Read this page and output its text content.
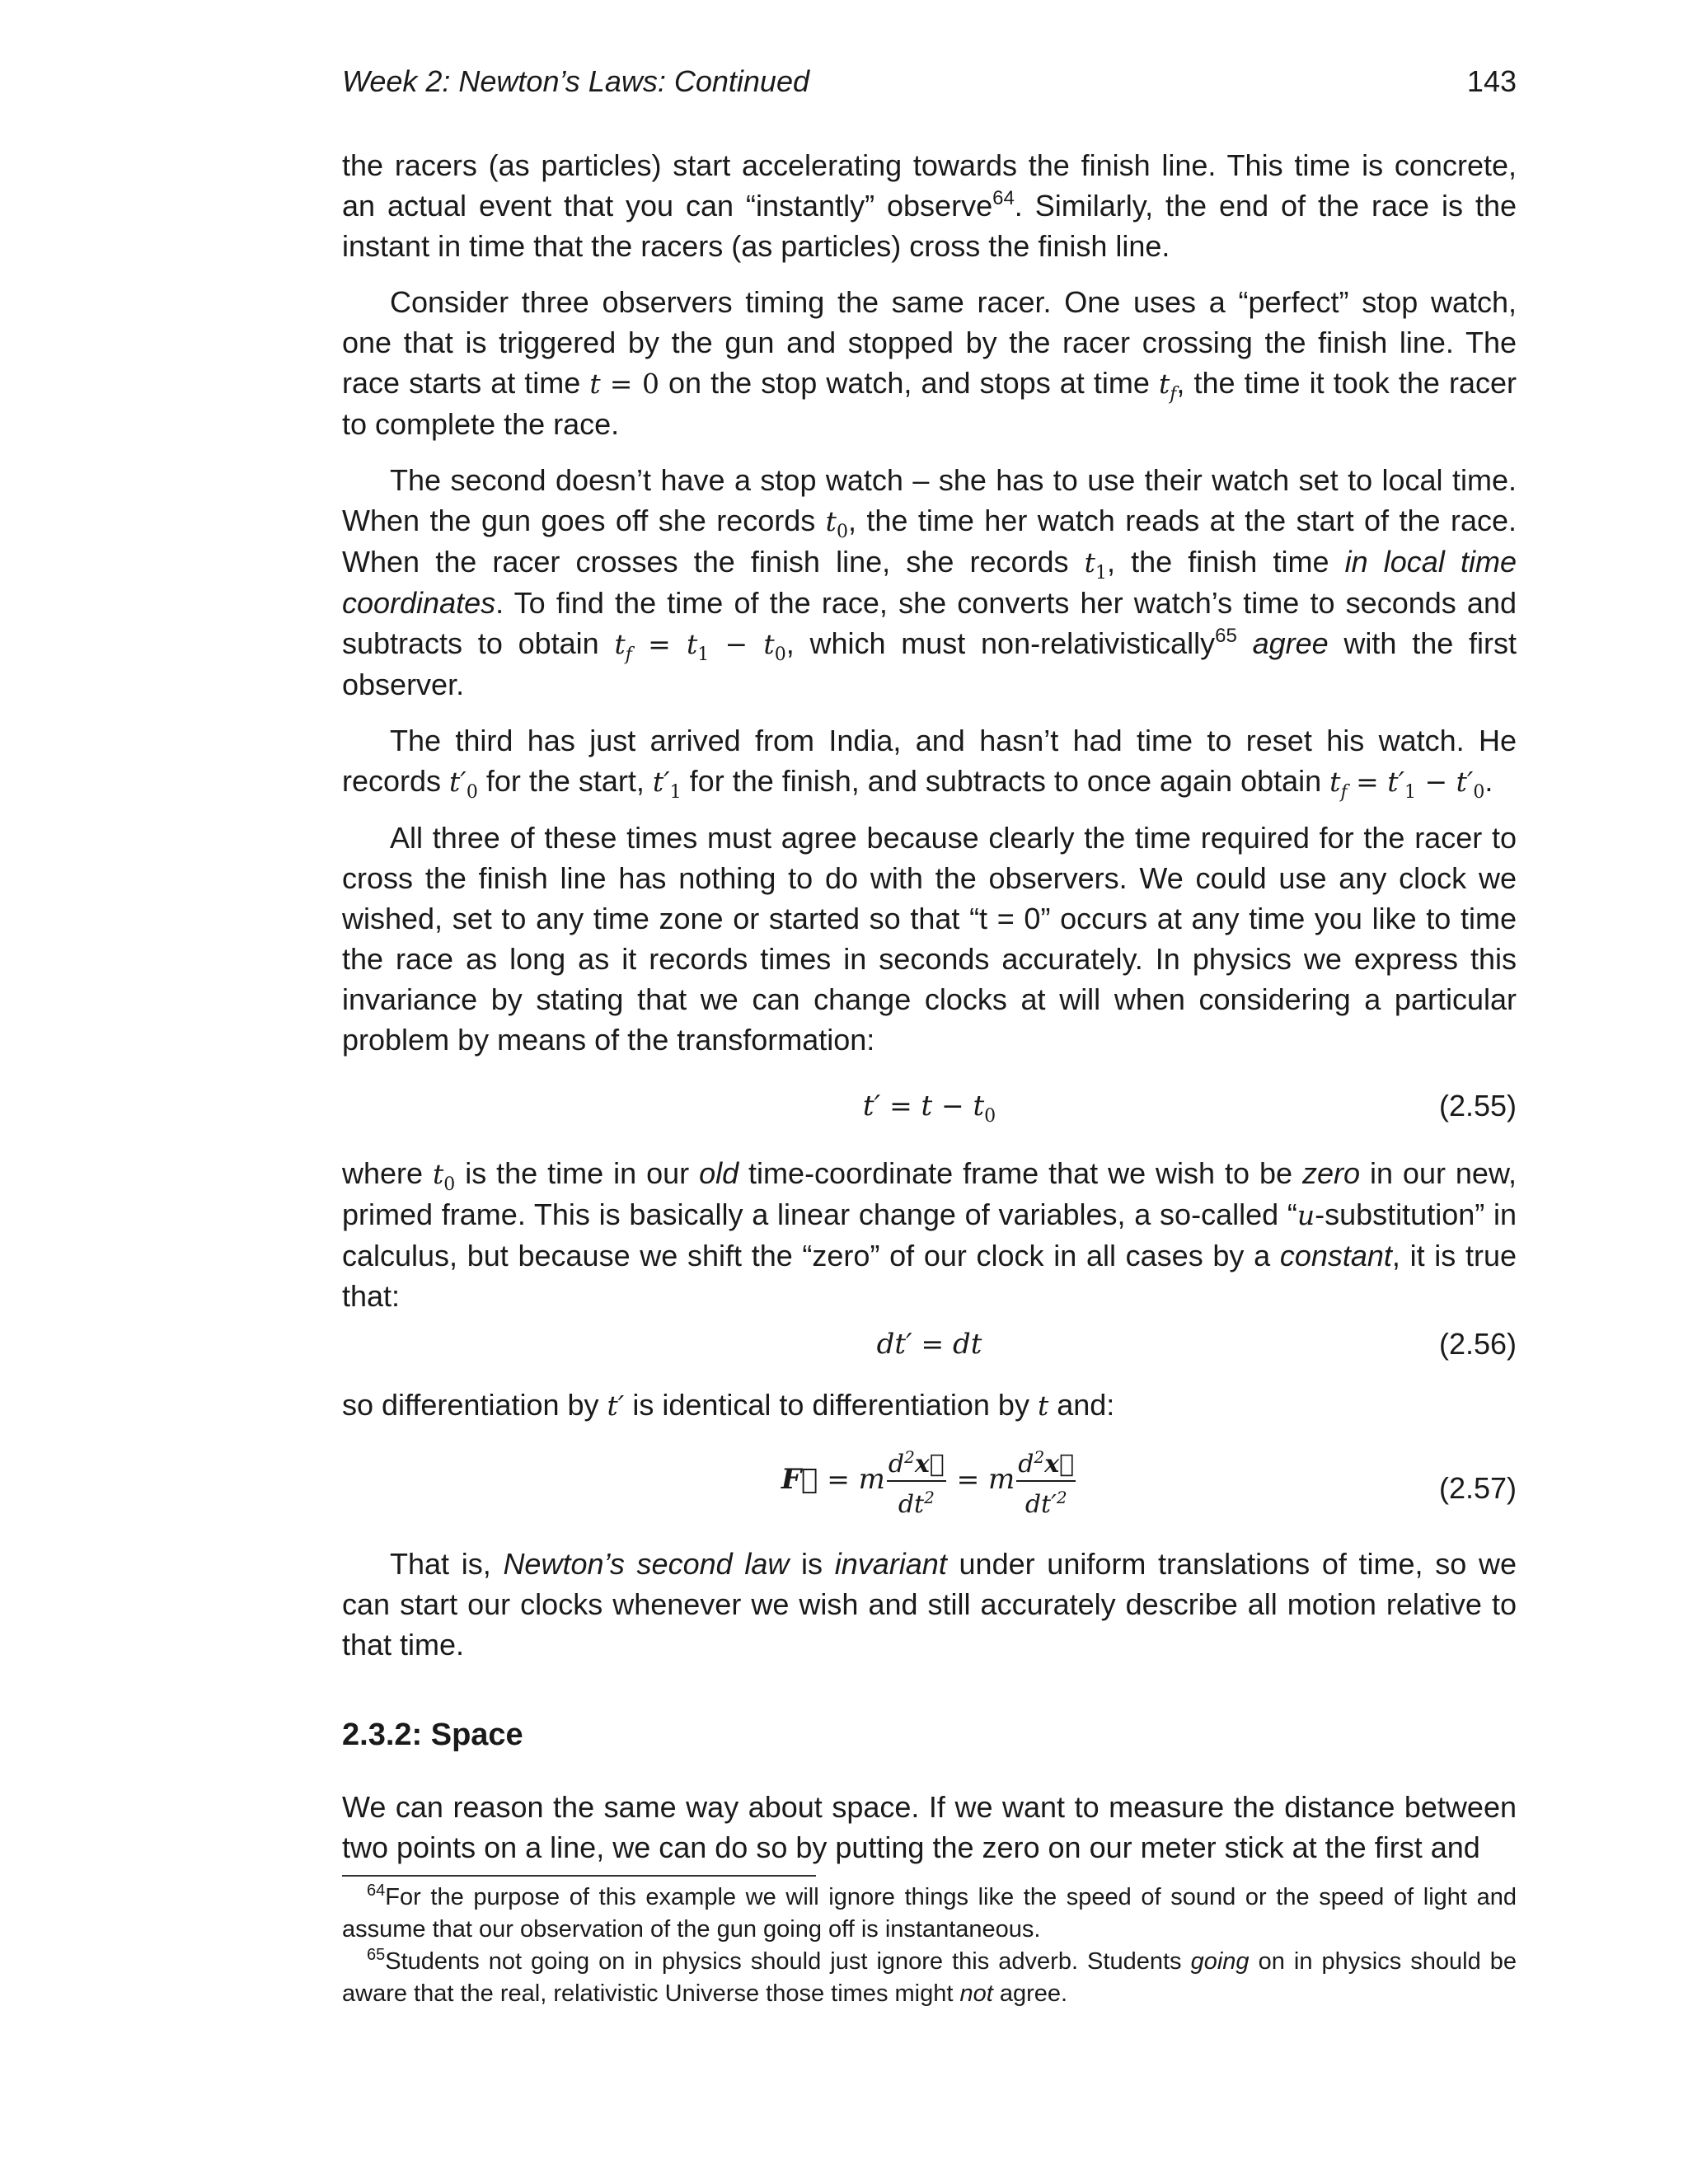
Week 2: Newton’s Laws: Continued	143

the racers (as particles) start accelerating towards the finish line. This time is concrete, an actual event that you can “instantly” observe$^{64}$. Similarly, the end of the race is the instant in time that the racers (as particles) cross the finish line.

Consider three observers timing the same racer. One uses a “perfect” stop watch, one that is triggered by the gun and stopped by the racer crossing the finish line. The race starts at time t = 0 on the stop watch, and stops at time $t_f$, the time it took the racer to complete the race.

The second doesn’t have a stop watch – she has to use their watch set to local time. When the gun goes off she records $t_0$, the time her watch reads at the start of the race. When the racer crosses the finish line, she records $t_1$, the finish time in local time coordinates. To find the time of the race, she converts her watch’s time to seconds and subtracts to obtain $t_f = t_1 - t_0$, which must non-relativistically$^{65}$ agree with the first observer.

The third has just arrived from India, and hasn’t had time to reset his watch. He records $t'_0$ for the start, $t'_1$ for the finish, and subtracts to once again obtain $t_f = t'_1 - t'_0$.

All three of these times must agree because clearly the time required for the racer to cross the finish line has nothing to do with the observers. We could use any clock we wished, set to any time zone or started so that “t = 0” occurs at any time you like to time the race as long as it records times in seconds accurately. In physics we express this invariance by stating that we can change clocks at will when considering a particular problem by means of the transformation:

$t' = t - t_0$	(2.55)

where $t_0$ is the time in our old time-coordinate frame that we wish to be zero in our new, primed frame. This is basically a linear change of variables, a so-called “u-substitution” in calculus, but because we shift the “zero” of our clock in all cases by a constant, it is true that:

dt′ = dt	(2.56)

so differentiation by t′ is identical to differentiation by t and:

F⃗ = m $\frac{d^2x⃗}{dt^2} = m \frac{d^2x⃗}{dt'^2}$	(2.57)

That is, Newton’s second law is invariant under uniform translations of time, so we can start our clocks whenever we wish and still accurately describe all motion relative to that time.

2.3.2: Space

We can reason the same way about space. If we want to measure the distance between two points on a line, we can do so by putting the zero on our meter stick at the first and

$^{64}$For the purpose of this example we will ignore things like the speed of sound or the speed of light and assume that our observation of the gun going off is instantaneous.

$^{65}$Students not going on in physics should just ignore this adverb. Students going on in physics should be aware that the real, relativistic Universe those times might not agree.
